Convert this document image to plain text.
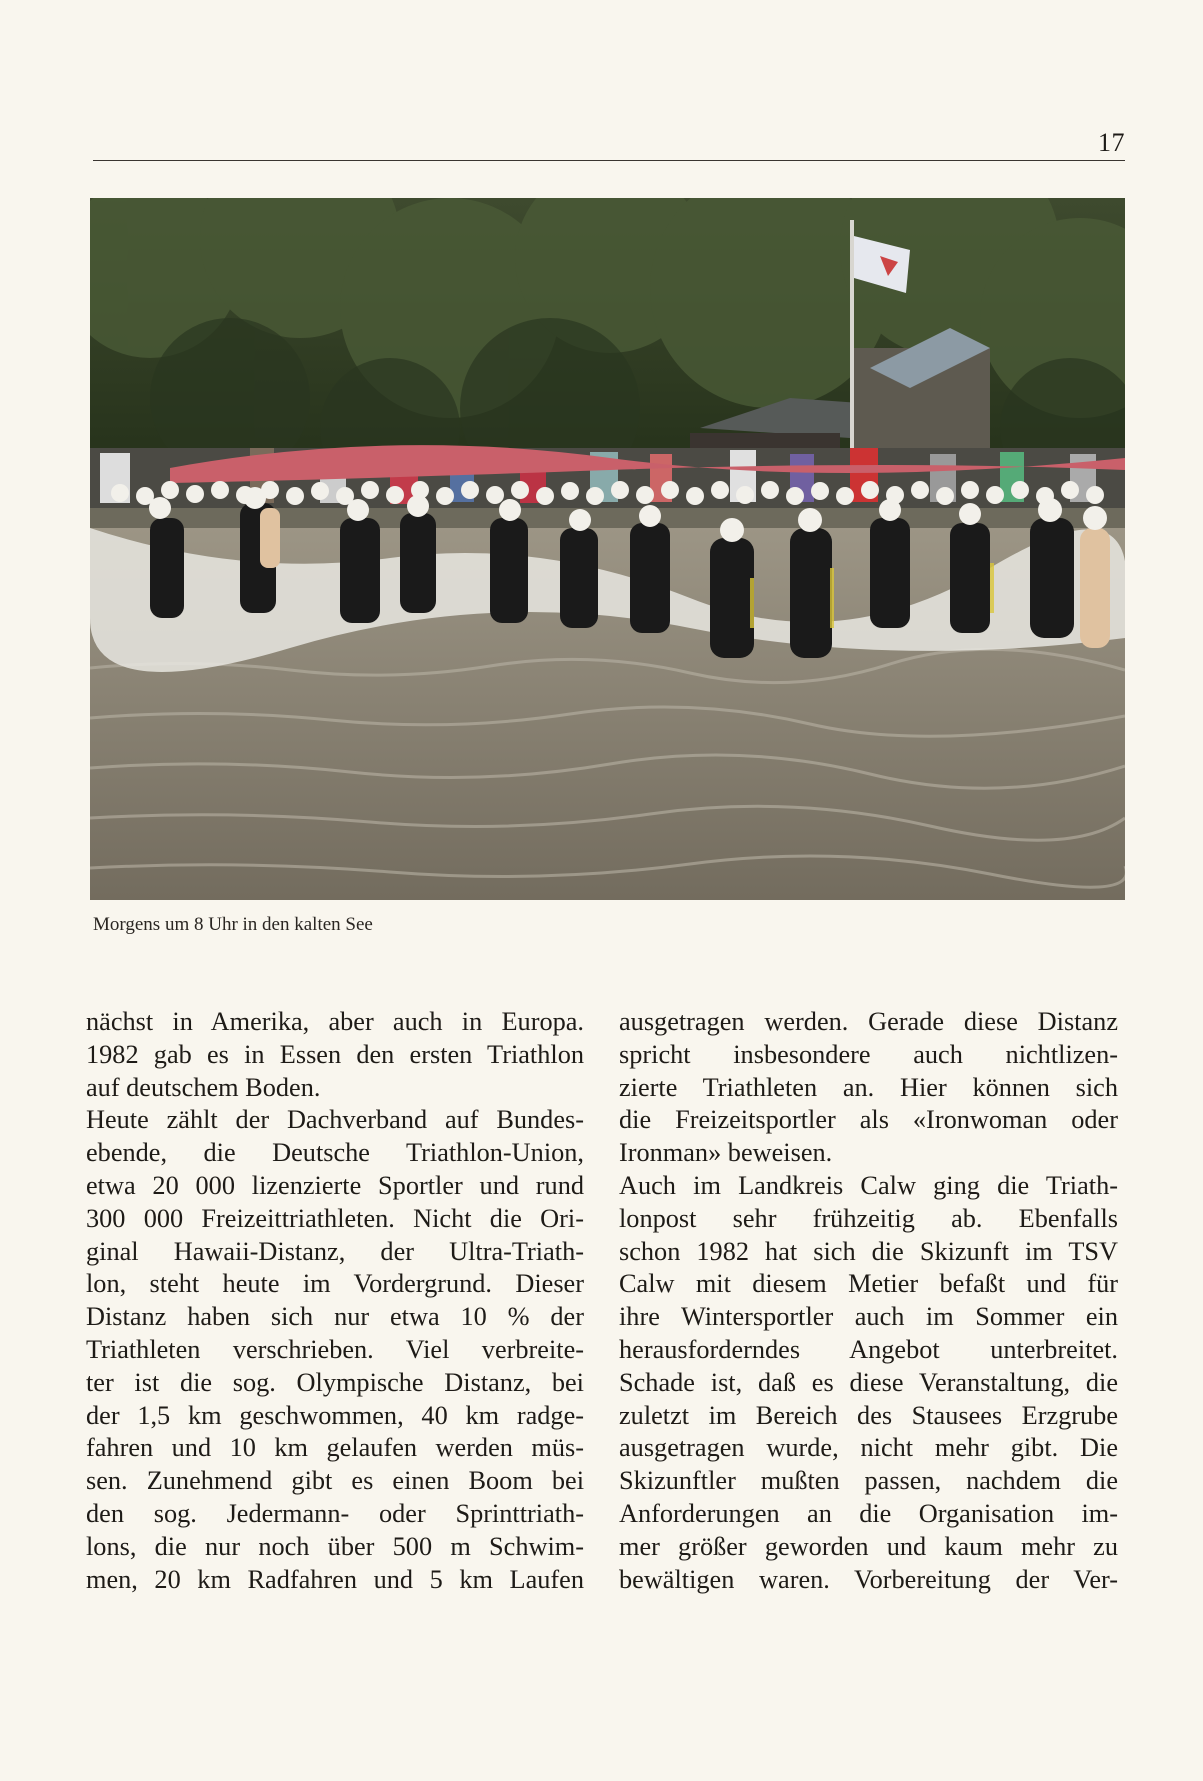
17
Morgens um 8 Uhr in den kalten See

nächst in Amerika, aber auch in Europa.
1982 gab es in Essen den ersten Triathlon
auf deutschem Boden.

Heute zählt der Dachverband auf Bundes-
ebende, die Deutsche Triathlon-Union,
etwa 20 000 lizenzierte Sportler und rund
300 000 Freizeittriathleten. Nicht die Ori-
ginal Hawaii-Distanz, der Ultra-Triath-
lon, steht heute im Vordergrund. Dieser
Distanz haben sich nur etwa 10 % der
Triathleten verschrieben. Viel verbreite-
ter ist die sog. Olympische Distanz, bei
der 1,5 km geschwommen, 40 km radge-
fahren und 10 km gelaufen werden müs-
sen. Zunehmend gibt es einen Boom bei
den sog. Jedermann- oder Sprinttriath-
lons, die nur noch über 500 m Schwim-
men, 20 km Radfahren und 5 km Laufen

ausgetragen werden. Gerade diese Distanz
spricht insbesondere auch nichtlizen-
zierte Triathleten an. Hier können sich
die Freizeitsportler als «Ironwoman oder
Ironman» beweisen.

Auch im Landkreis Calw ging die Triath-
lonpost sehr frühzeitig ab. Ebenfalls
schon 1982 hat sich die Skizunft im TSV
Calw mit diesem Metier befaßt und für
ihre Wintersportler auch im Sommer ein
herausforderndes Angebot unterbreitet.
Schade ist, daß es diese Veranstaltung, die
zuletzt im Bereich des Stausees Erzgrube
ausgetragen wurde, nicht mehr gibt. Die
Skizunftler mußten passen, nachdem die
Anforderungen an die Organisation im-
mer größer geworden und kaum mehr zu
bewältigen waren. Vorbereitung der Ver-
